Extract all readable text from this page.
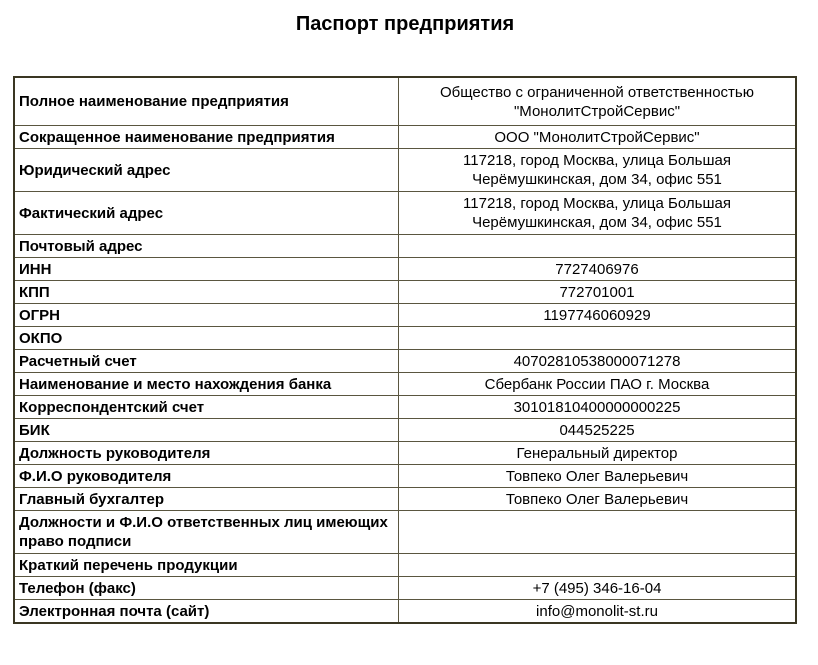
Паспорт предприятия
Полное наименование предприятия	Общество с ограниченной ответственностью "МонолитСтройСервис"
Сокращенное наименование предприятия	ООО "МонолитСтройСервис"
Юридический адрес	117218, город Москва, улица Большая Черёмушкинская, дом 34, офис 551
Фактический адрес	117218, город Москва, улица Большая Черёмушкинская, дом 34, офис 551
Почтовый адрес	
ИНН	7727406976
КПП	772701001
ОГРН	1197746060929
ОКПО	
Расчетный счет	40702810538000071278
Наименование и место нахождения банка	Сбербанк России ПАО г. Москва
Корреспондентский счет	30101810400000000225
БИК	044525225
Должность руководителя	Генеральный директор
Ф.И.О руководителя	Товпеко Олег Валерьевич
Главный бухгалтер	Товпеко Олег Валерьевич
Должности и Ф.И.О ответственных лиц имеющих право подписи	
Краткий перечень продукции	
Телефон (факс)	+7 (495) 346-16-04
Электронная почта (сайт)	info@monolit-st.ru
